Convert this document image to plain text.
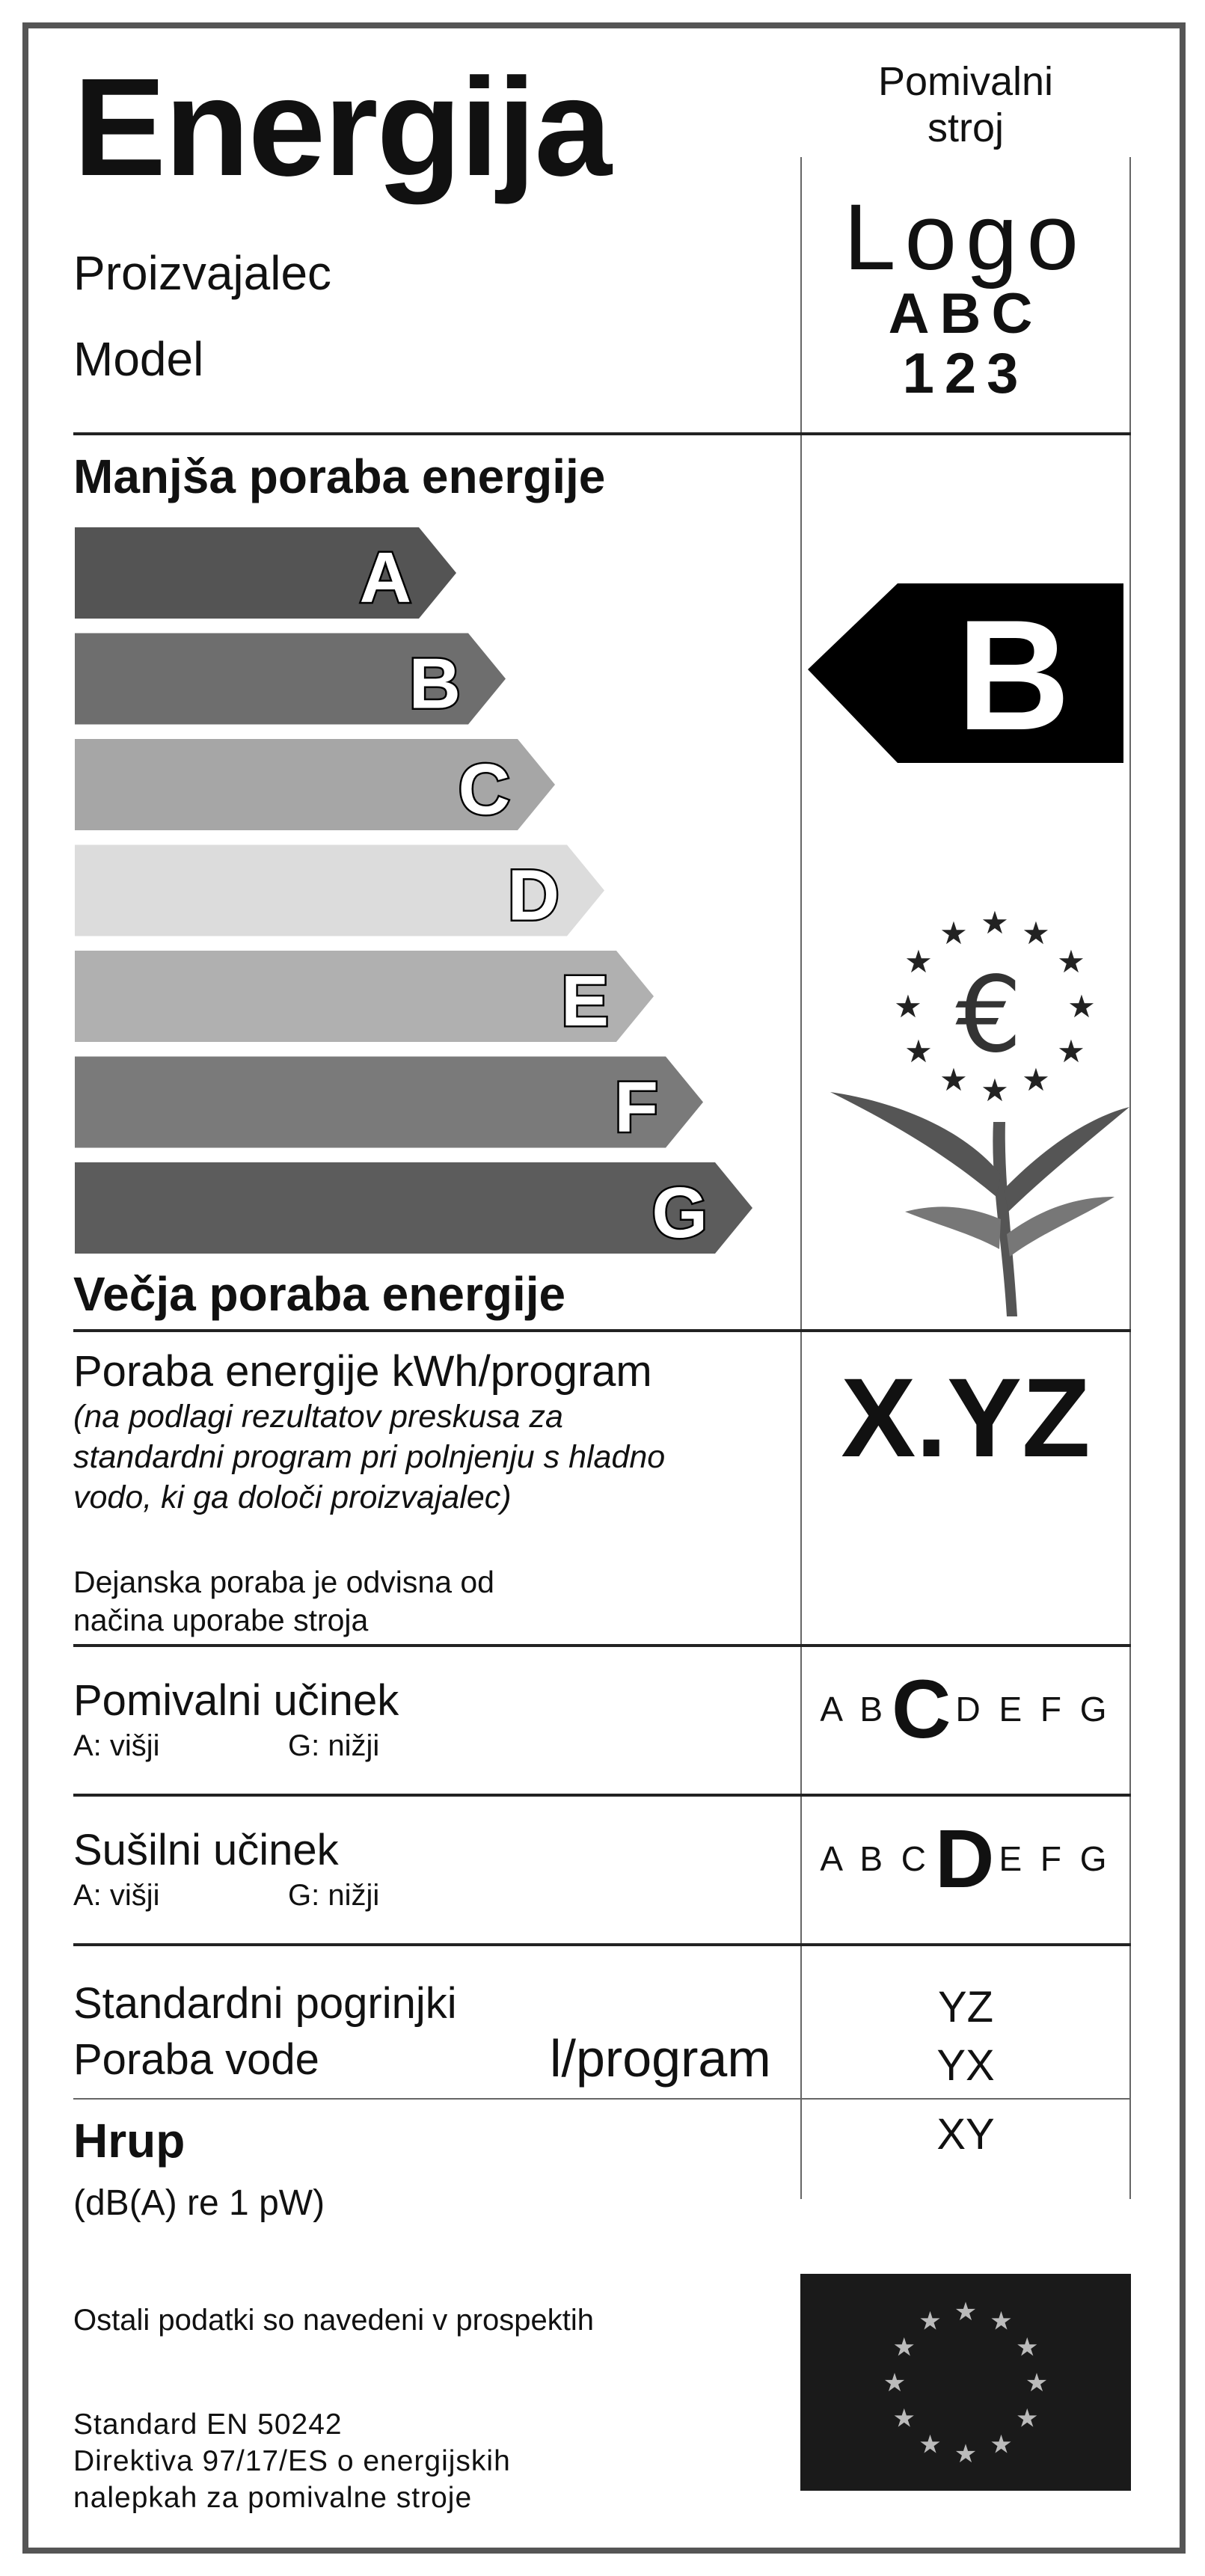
Energija	Pomivalni
stroj
Proizvajalec
Model
Logo
ABC
123
Manjša poraba energije
A
B
C
D
E
F
G
B
Večja poraba energije
★
★ ★
★	★
★	★
★	★
★ ★
★
€
Poraba energije kWh/program
(na podlagi rezultatov preskusa za
standardni program pri polnjenju s hladno
vodo, ki ga določi proizvajalec)
Dejanska poraba je odvisna od
načina uporabe stroja
X.YZ
Pomivalni učinek
A: višji	G: nižji
A B C D E F G
Sušilni učinek
A: višji	G: nižji
A B C D E F G
Standardni pogrinjki
Poraba vode	l/program
YZ
YX
Hrup
(dB(A) re 1 pW)
XY
Ostali podatki so navedeni v prospektih
Standard EN 50242
Direktiva 97/17/ES o energijskih
nalepkah za pomivalne stroje
★ ★
★
★
★
★
★
★
★
★
★
★
